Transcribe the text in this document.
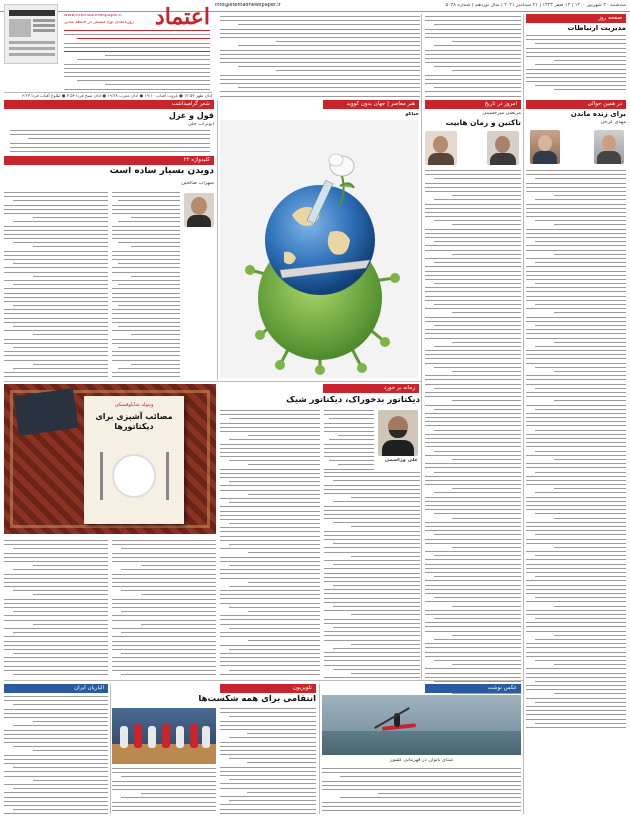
سه‌شنبه ۳۰ شهریور ۱۴۰۰ | ۱۴ صفر ۱۴۴۳ | ۲۱ سپتامبر ۲۰۲۱ | سال نوزدهم | شماره ۵۰۴۸
info@etemadnewspaper.ir
اعتماد
www.etemadnewspaper.ir
روزنامه‌ای نوع کنشگر در جامعه مدنی
اذان ظهر ۱۲:۵۷ ● غروب آفتاب ۱۹:۱۰ ● اذان مغرب ۱۹:۲۸ ● اذان صبح فردا ۴:۵۳ ● طلوع آفتاب فردا ۶:۲۳
صفحه روز
مدیریت ارتباطات
در همین حوالی
برای زنده ماندن
مهدی گرجی
امروز در تاریخ
مرتضی میرحسینی
تاکتین و رمان هابیت
هنر معاصر | جهان بدون کووید
جیاکو
شعر گرامیداشت
قول و غزل
ابوتراب جلی
کلیدواژه ۲۲
دویدن بسیار ساده است
سهراب صالحین
زمانه بر خورد
دیکتاتور بدخوراک، دیکتاتور شیک
علی وزاسمی
ویتولد شابلوفسکی
مصائب آشپزی برای دیکتاتورها
عکس نوشت
شنای بانوان در قهرمانی کشور
تلویزیون
انتقامی برای همه شکست‌ها
الیا‌ریان ایران
